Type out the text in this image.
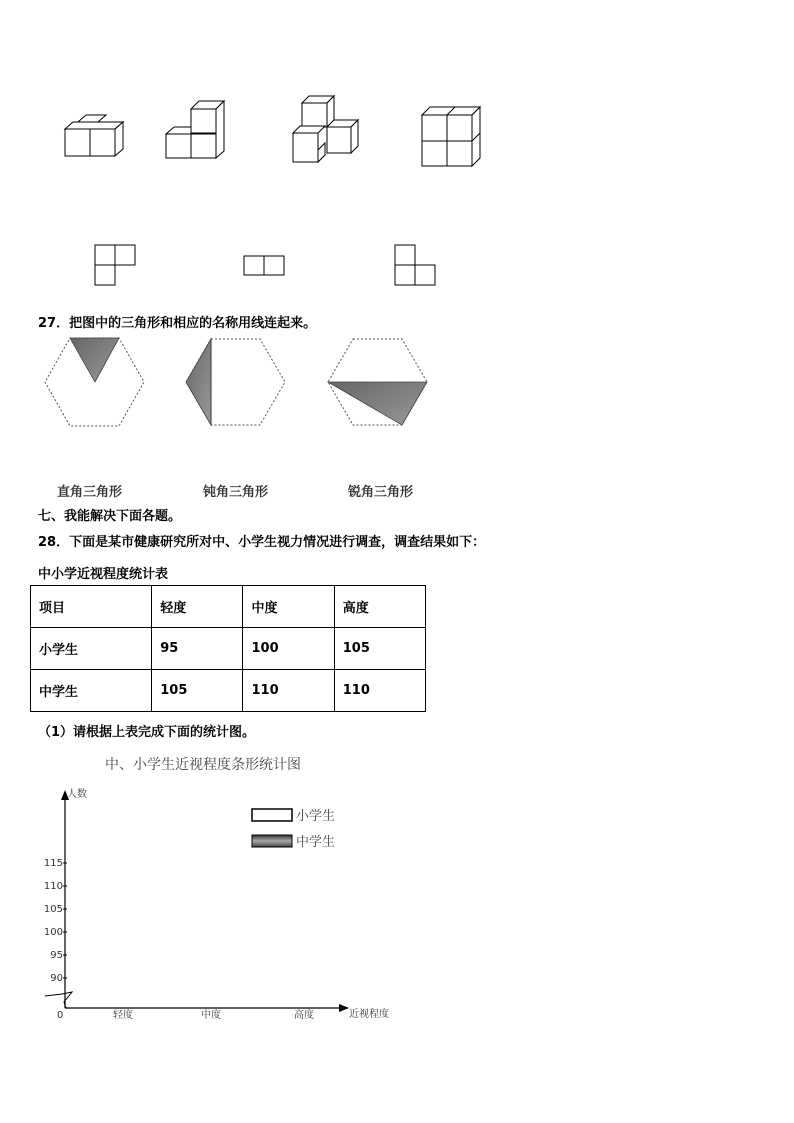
27．把图中的三角形和相应的名称用线连起来。
直角三角形	钝角三角形	锐角三角形
七、我能解决下面各题。
28．下面是某市健康研究所对中、小学生视力情况进行调查，调查结果如下：
中小学近视程度统计表
项目	轻度	中度	高度
小学生	95	100	105
中学生	105	110	110
（1）请根据上表完成下面的统计图。
中、小学生近视程度条形统计图
人数
近视程度
0
90
95
100
105
110
115
轻度	中度	高度
小学生
中学生
